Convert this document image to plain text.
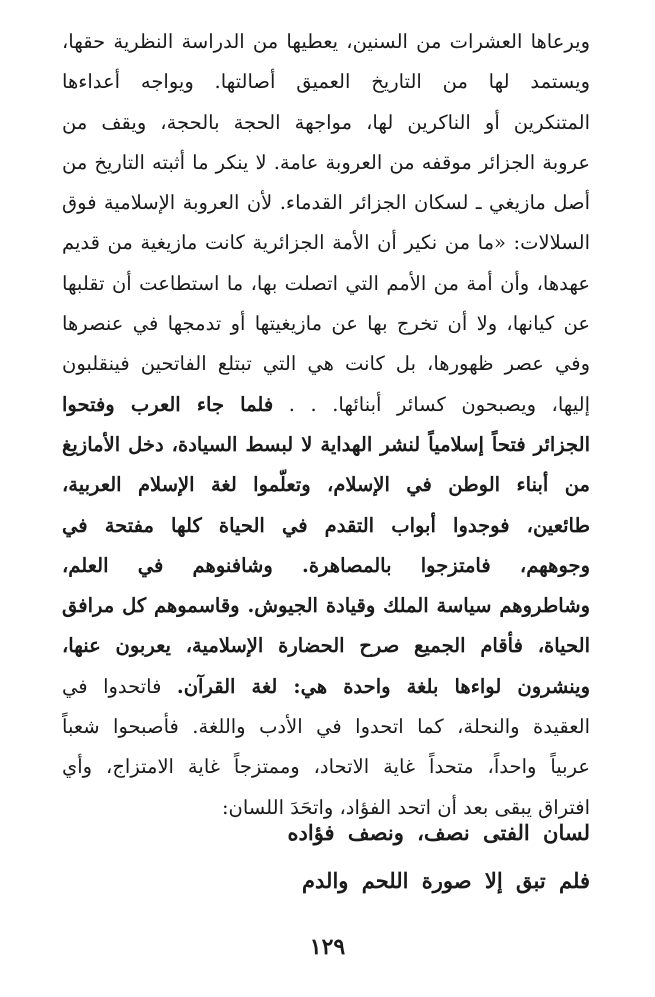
ويرعاها العشرات من السنين، يعطيها من الدراسة النظرية حقها،
ويستمد لها من التاريخ العميق أصالتها. ويواجه أعداءها
المتنكرين أو الناكرين لها، مواجهة الحجة بالحجة، ويقف من
عروبة الجزائر موقفه من العروبة عامة. لا ينكر ما أثبته التاريخ من
أصل مازيغي ـ لسكان الجزائر القدماء. لأن العروبة الإسلامية فوق
السلالات: «ما من نكير أن الأمة الجزائرية كانت مازيغية من قديم
عهدها، وأن أمة من الأمم التي اتصلت بها، ما استطاعت أن تقلبها
عن كيانها، ولا أن تخرج بها عن مازيغيتها أو تدمجها في عنصرها
وفي عصر ظهورها، بل كانت هي التي تبتلع الفاتحين فينقلبون
إليها، ويصبحون كسائر أبنائها. . . فلما جاء العرب وفتحوا
الجزائر فتحاً إسلامياً لنشر الهداية لا لبسط السيادة، دخل الأمازيغ
من أبناء الوطن في الإسلام، وتعلّموا لغة الإسلام العربية،
طائعين، فوجدوا أبواب التقدم في الحياة كلها مفتحة في
وجوههم، فامتزجوا بالمصاهرة. وشافنوهم في العلم،
وشاطروهم سياسة الملك وقيادة الجيوش. وقاسموهم كل مرافق
الحياة، فأقام الجميع صرح الحضارة الإسلامية، يعربون عنها،
وينشرون لواءها بلغة واحدة هي: لغة القرآن. فاتحدوا في
العقيدة والنحلة، كما اتحدوا في الأدب واللغة. فأصبحوا شعباً
عربياً واحداً، متحداً غاية الاتحاد، وممتزجاً غاية الامتزاج، وأي
افتراق يبقى بعد أن اتحد الفؤاد، واتحَدَ اللسان:
لسان الفتى نصف، ونصف فؤاده
فلم تبق إلا صورة اللحم والدم
١٢٩
